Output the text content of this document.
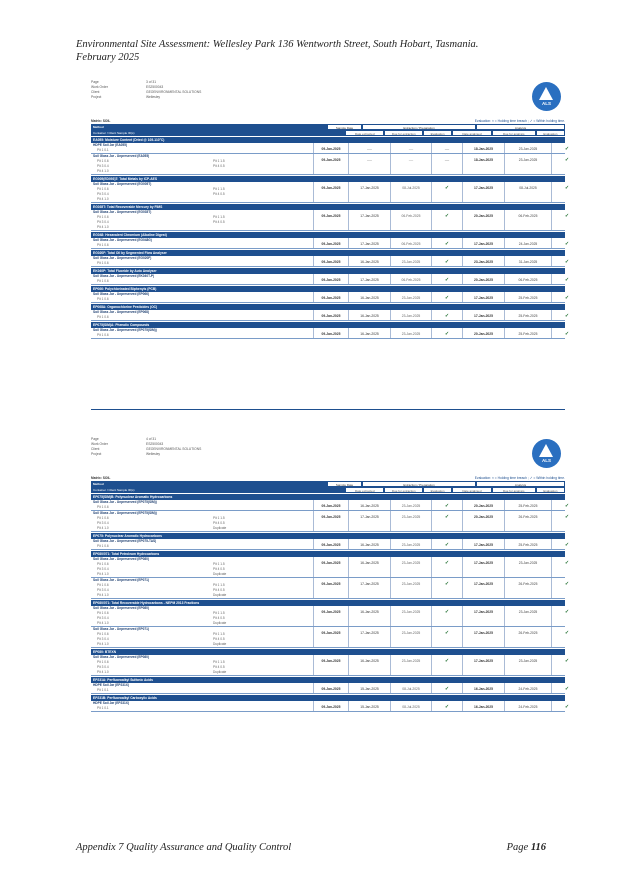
Environmental Site Assessment: Wellesley Park 136 Wentworth Street, South Hobart, Tasmania.
February 2025
Page	3 of 31
Work Order	ES2500043
Client	GEOENVIRONMENTAL SOLUTIONS
Project	Wellesley
ALS
Matrix: SOIL	Evaluation: × = Holding time breach ; ✓ = Within holding time.
Method	Sample Date	Extraction / Preparation	Analysis
Container / Client Sample ID(s)	Date extracted	Due for extraction	Evaluation	Date analysed	Due for analysis	Evaluation
EA055: Moisture Content (Dried @ 105-110°C)
HDPE Soil Jar (EA055)
Pit 1 0.1	09-Jan-2025	----	----	----	18-Jan-2025	23-Jan-2025	✓
Soil Glass Jar - Unpreserved (EA055)
Pit 1 0.6	Pit 1 1.5
Pit 3 0.4	Pit 4 0.5
Pit 4 1.0
09-Jan-2025	----	----	----	18-Jan-2025	23-Jan-2025	✓
EG005(ED093)T: Total Metals by ICP-AES
Soil Glass Jar - Unpreserved (EG005T)
Pit 1 0.6	Pit 1 1.5
Pit 3 0.4	Pit 4 0.5
Pit 4 1.0
09-Jan-2025	17-Jan-2025	08-Jul-2025	✓	17-Jan-2025	08-Jul-2025	✓
EG035T: Total Recoverable Mercury by FIMS
Soil Glass Jar - Unpreserved (EG035T)
Pit 1 0.6	Pit 1 1.5
Pit 3 0.4	Pit 4 0.5
Pit 4 1.0
09-Jan-2025	17-Jan-2025	06-Feb-2025	✓	20-Jan-2025	06-Feb-2025	✓
EG048: Hexavalent Chromium (Alkaline Digest)
Soil Glass Jar - Unpreserved (EG048G)
Pit 1 0.6	09-Jan-2025	17-Jan-2025	06-Feb-2025	✓	17-Jan-2025	24-Jan-2025	✓
EG020F: Total Oil by Segmented Flow Analyser
Soil Glass Jar - Unpreserved (EG020F)
Pit 1 0.6	09-Jan-2025	16-Jan-2025	23-Jan-2025	✓	23-Jan-2025	31-Jan-2025	✓
EK040P: Total Fluoride by Auto Analyser
Soil Glass Jar - Unpreserved (EK040T-P)
Pit 1 0.6	09-Jan-2025	17-Jan-2025	06-Feb-2025	✓	20-Jan-2025	06-Feb-2025	✓
EP066: Polychlorinated Biphenyls (PCB)
Soil Glass Jar - Unpreserved (EP066)
Pit 1 0.6	09-Jan-2025	16-Jan-2025	23-Jan-2025	✓	17-Jan-2025	25-Feb-2025	✓
EP068A: Organochlorine Pesticides (OC)
Soil Glass Jar - Unpreserved (EP068)
Pit 1 0.6	09-Jan-2025	16-Jan-2025	23-Jan-2025	✓	17-Jan-2025	25-Feb-2025	✓
EP075(SIM)A: Phenolic Compounds
Soil Glass Jar - Unpreserved (EP075(SIM))
Pit 1 0.6	09-Jan-2025	16-Jan-2025	23-Jan-2025	✓	20-Jan-2025	25-Feb-2025	✓
Page	4 of 31
Work Order	ES2500043
Client	GEOENVIRONMENTAL SOLUTIONS
Project	Wellesley
ALS
Matrix: SOIL	Evaluation: × = Holding time breach ; ✓ = Within holding time.
Method	Sample Date	Extraction / Preparation	Analysis
Container / Client Sample ID(s)	Date extracted	Due for extraction	Evaluation	Date analysed	Due for analysis	Evaluation
EP075(SIM)B: Polynuclear Aromatic Hydrocarbons
Soil Glass Jar - Unpreserved (EP075(SIM))
Pit 1 0.6	09-Jan-2025	16-Jan-2025	23-Jan-2025	✓	20-Jan-2025	25-Feb-2025	✓
Soil Glass Jar - Unpreserved (EP075(SIM))
Pit 1 0.6	Pit 1 1.5
Pit 3 0.4	Pit 4 0.5
Pit 4 1.0	Duplicate
09-Jan-2025	17-Jan-2025	23-Jan-2025	✓	20-Jan-2025	26-Feb-2025	✓
EP075: Polynuclear Aromatic Hydrocarbons
Soil Glass Jar - Unpreserved (EP075-TAS)
Pit 1 0.6	09-Jan-2025	16-Jan-2025	23-Jan-2025	✓	17-Jan-2025	25-Feb-2025	✓
EP080/071: Total Petroleum Hydrocarbons
Soil Glass Jar - Unpreserved (EP080)
Pit 1 0.6	Pit 1 1.5
Pit 3 0.4	Pit 4 0.5
Pit 4 1.0	Duplicate
09-Jan-2025	16-Jan-2025	23-Jan-2025	✓	17-Jan-2025	23-Jan-2025	✓
Soil Glass Jar - Unpreserved (EP071)
Pit 1 0.6	Pit 1 1.5
Pit 3 0.4	Pit 4 0.5
Pit 4 1.0	Duplicate
09-Jan-2025	17-Jan-2025	23-Jan-2025	✓	17-Jan-2025	26-Feb-2025	✓
EP080/071: Total Recoverable Hydrocarbons - NEPM 2013 Fractions
Soil Glass Jar - Unpreserved (EP080)
Pit 1 0.6	Pit 1 1.5
Pit 3 0.4	Pit 4 0.5
Pit 4 1.0	Duplicate
09-Jan-2025	16-Jan-2025	23-Jan-2025	✓	17-Jan-2025	23-Jan-2025	✓
Soil Glass Jar - Unpreserved (EP071)
Pit 1 0.6	Pit 1 1.5
Pit 3 0.4	Pit 4 0.5
Pit 4 1.0	Duplicate
09-Jan-2025	17-Jan-2025	23-Jan-2025	✓	17-Jan-2025	26-Feb-2025	✓
EP080: BTEXN
Soil Glass Jar - Unpreserved (EP080)
Pit 1 0.6	Pit 1 1.5
Pit 3 0.4	Pit 4 0.5
Pit 4 1.0	Duplicate
09-Jan-2025	16-Jan-2025	23-Jan-2025	✓	17-Jan-2025	23-Jan-2025	✓
EP231A: Perfluoroalkyl Sulfonic Acids
HDPE Soil Jar (EP231X)
Pit 1 0.1	09-Jan-2025	15-Jan-2025	08-Jul-2025	✓	16-Jan-2025	24-Feb-2025	✓
EP231B: Perfluoroalkyl Carboxylic Acids
HDPE Soil Jar (EP231X)
Pit 1 0.1	09-Jan-2025	15-Jan-2025	08-Jul-2025	✓	16-Jan-2025	24-Feb-2025	✓
Appendix 7 Quality Assurance and Quality Control	Page 116
